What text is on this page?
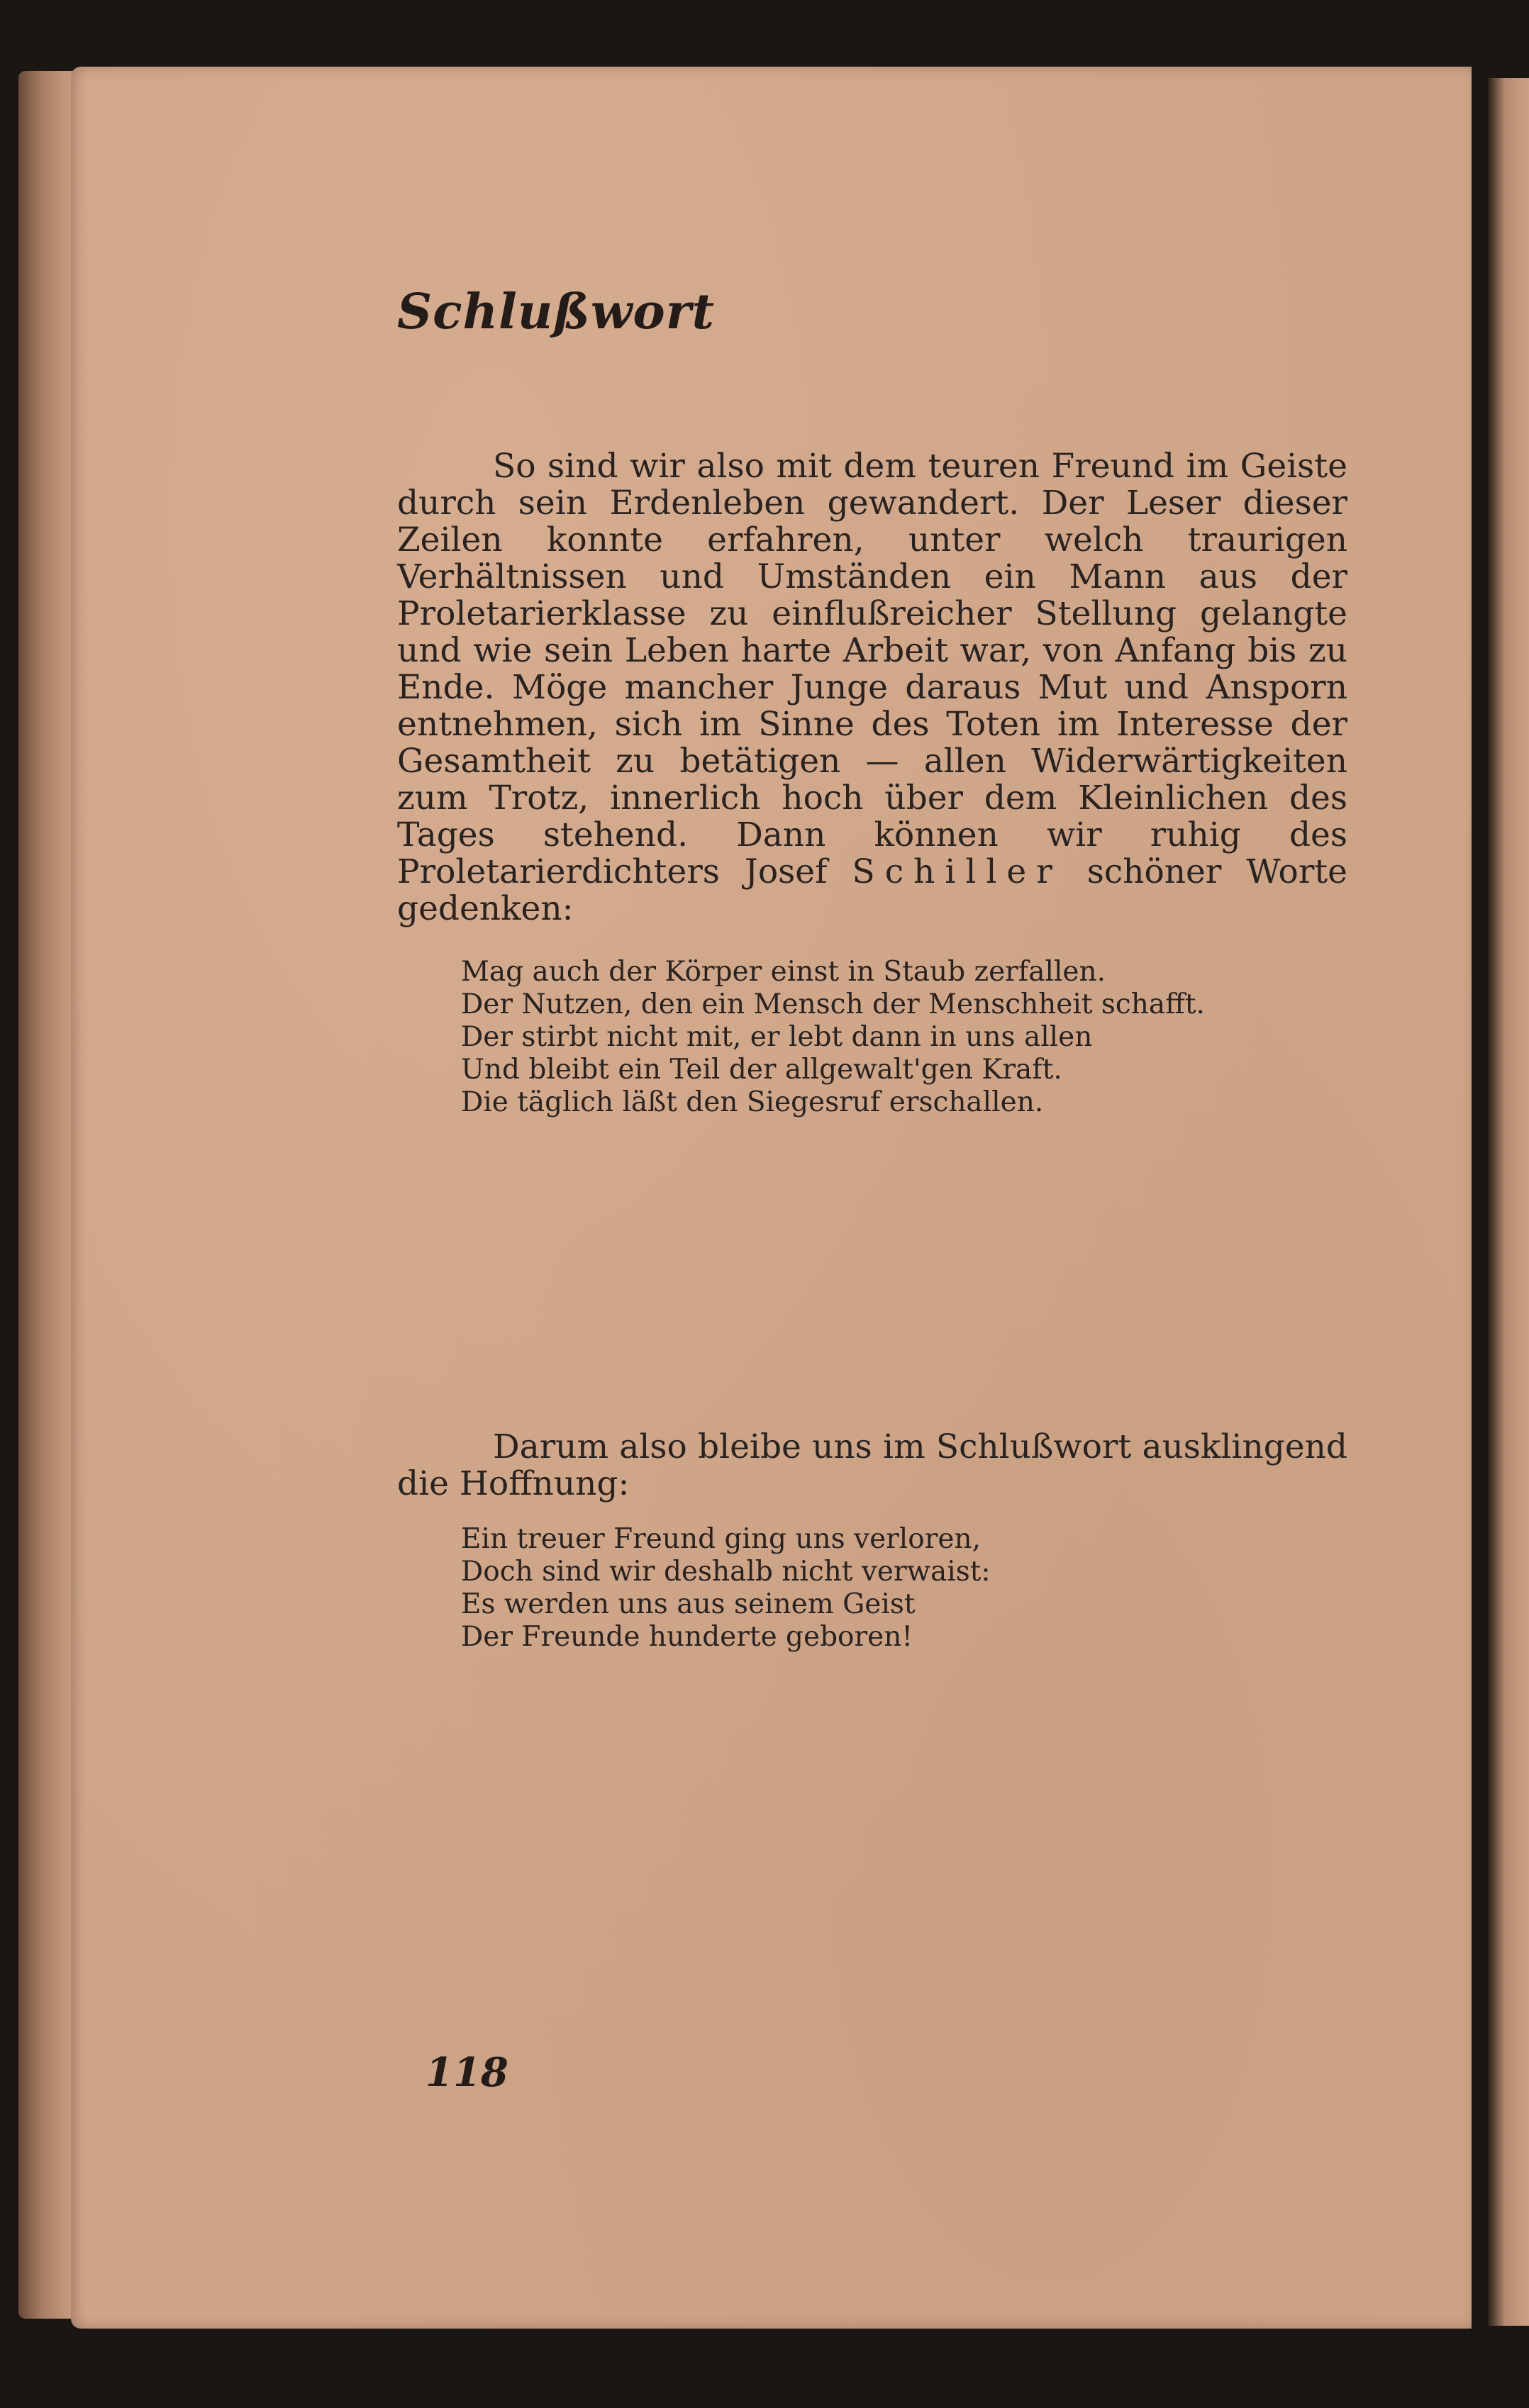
Schlußwort
So sind wir also mit dem teuren Freund im Geiste durch sein Erdenleben gewandert. Der Leser dieser Zeilen konnte erfahren, unter welch traurigen Verhältnissen und Umständen ein Mann aus der Proletarierklasse zu einflußreicher Stellung gelangte und wie sein Leben harte Arbeit war, von Anfang bis zu Ende. Möge mancher Junge daraus Mut und Ansporn entnehmen, sich im Sinne des Toten im Interesse der Gesamtheit zu betätigen — allen Widerwärtigkeiten zum Trotz, innerlich hoch über dem Kleinlichen des Tages stehend. Dann können wir ruhig des Proletarierdichters Josef Schiller schöner Worte gedenken:
Mag auch der Körper einst in Staub zerfallen.
Der Nutzen, den ein Mensch der Menschheit schafft.
Der stirbt nicht mit, er lebt dann in uns allen
Und bleibt ein Teil der allgewalt'gen Kraft.
Die täglich läßt den Siegesruf erschallen.
Darum also bleibe uns im Schlußwort ausklingend die Hoffnung:
Ein treuer Freund ging uns verloren,
Doch sind wir deshalb nicht verwaist:
Es werden uns aus seinem Geist
Der Freunde hunderte geboren!
118
